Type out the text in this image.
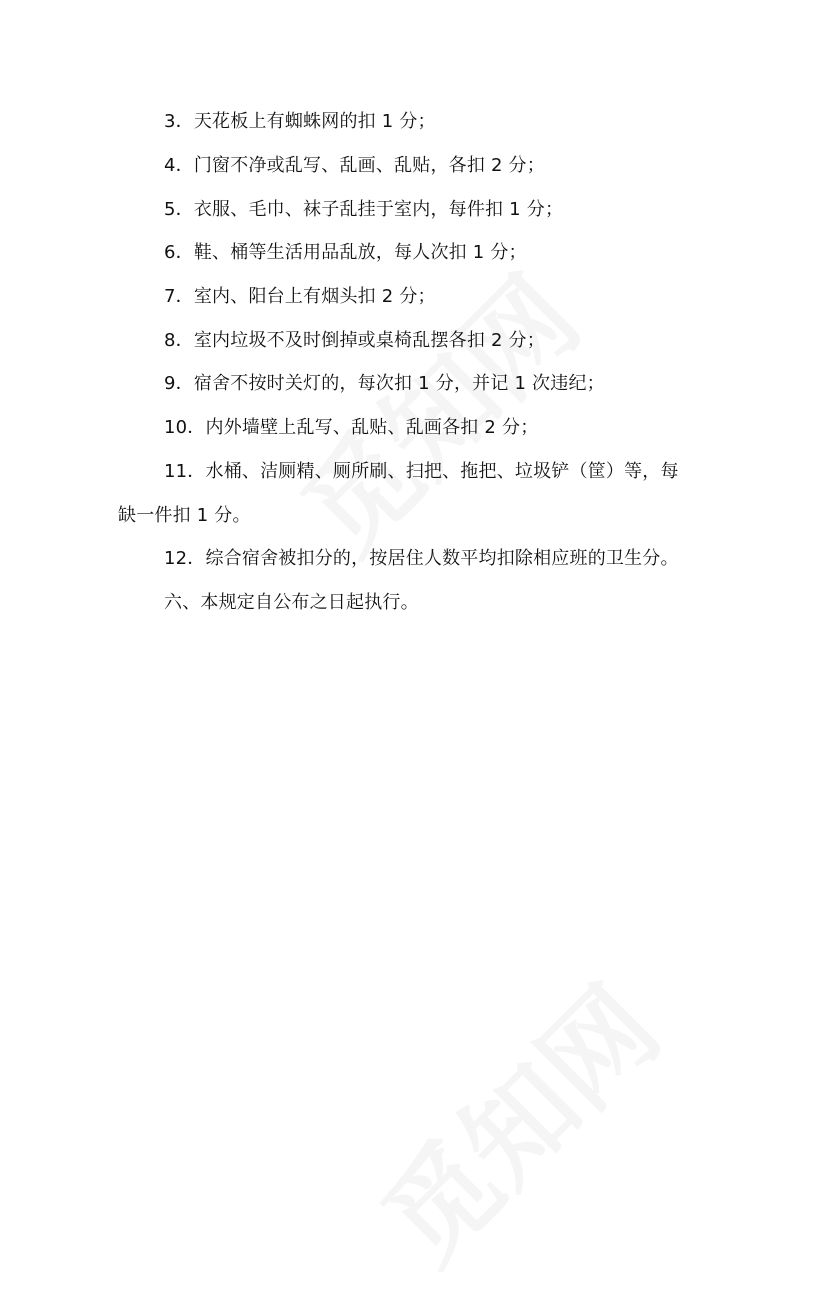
3．天花板上有蜘蛛网的扣 1 分；
4．门窗不净或乱写、乱画、乱贴，各扣 2 分；
5．衣服、毛巾、袜子乱挂于室内，每件扣 1 分；
6．鞋、桶等生活用品乱放，每人次扣 1 分；
7．室内、阳台上有烟头扣 2 分；
8．室内垃圾不及时倒掉或桌椅乱摆各扣 2 分；
9．宿舍不按时关灯的，每次扣 1 分，并记 1 次违纪；
10．内外墙壁上乱写、乱贴、乱画各扣 2 分；
11．水桶、洁厕精、厕所刷、扫把、拖把、垃圾铲（筐）等，每
缺一件扣 1 分。
12．综合宿舍被扣分的，按居住人数平均扣除相应班的卫生分。
六、本规定自公布之日起执行。
